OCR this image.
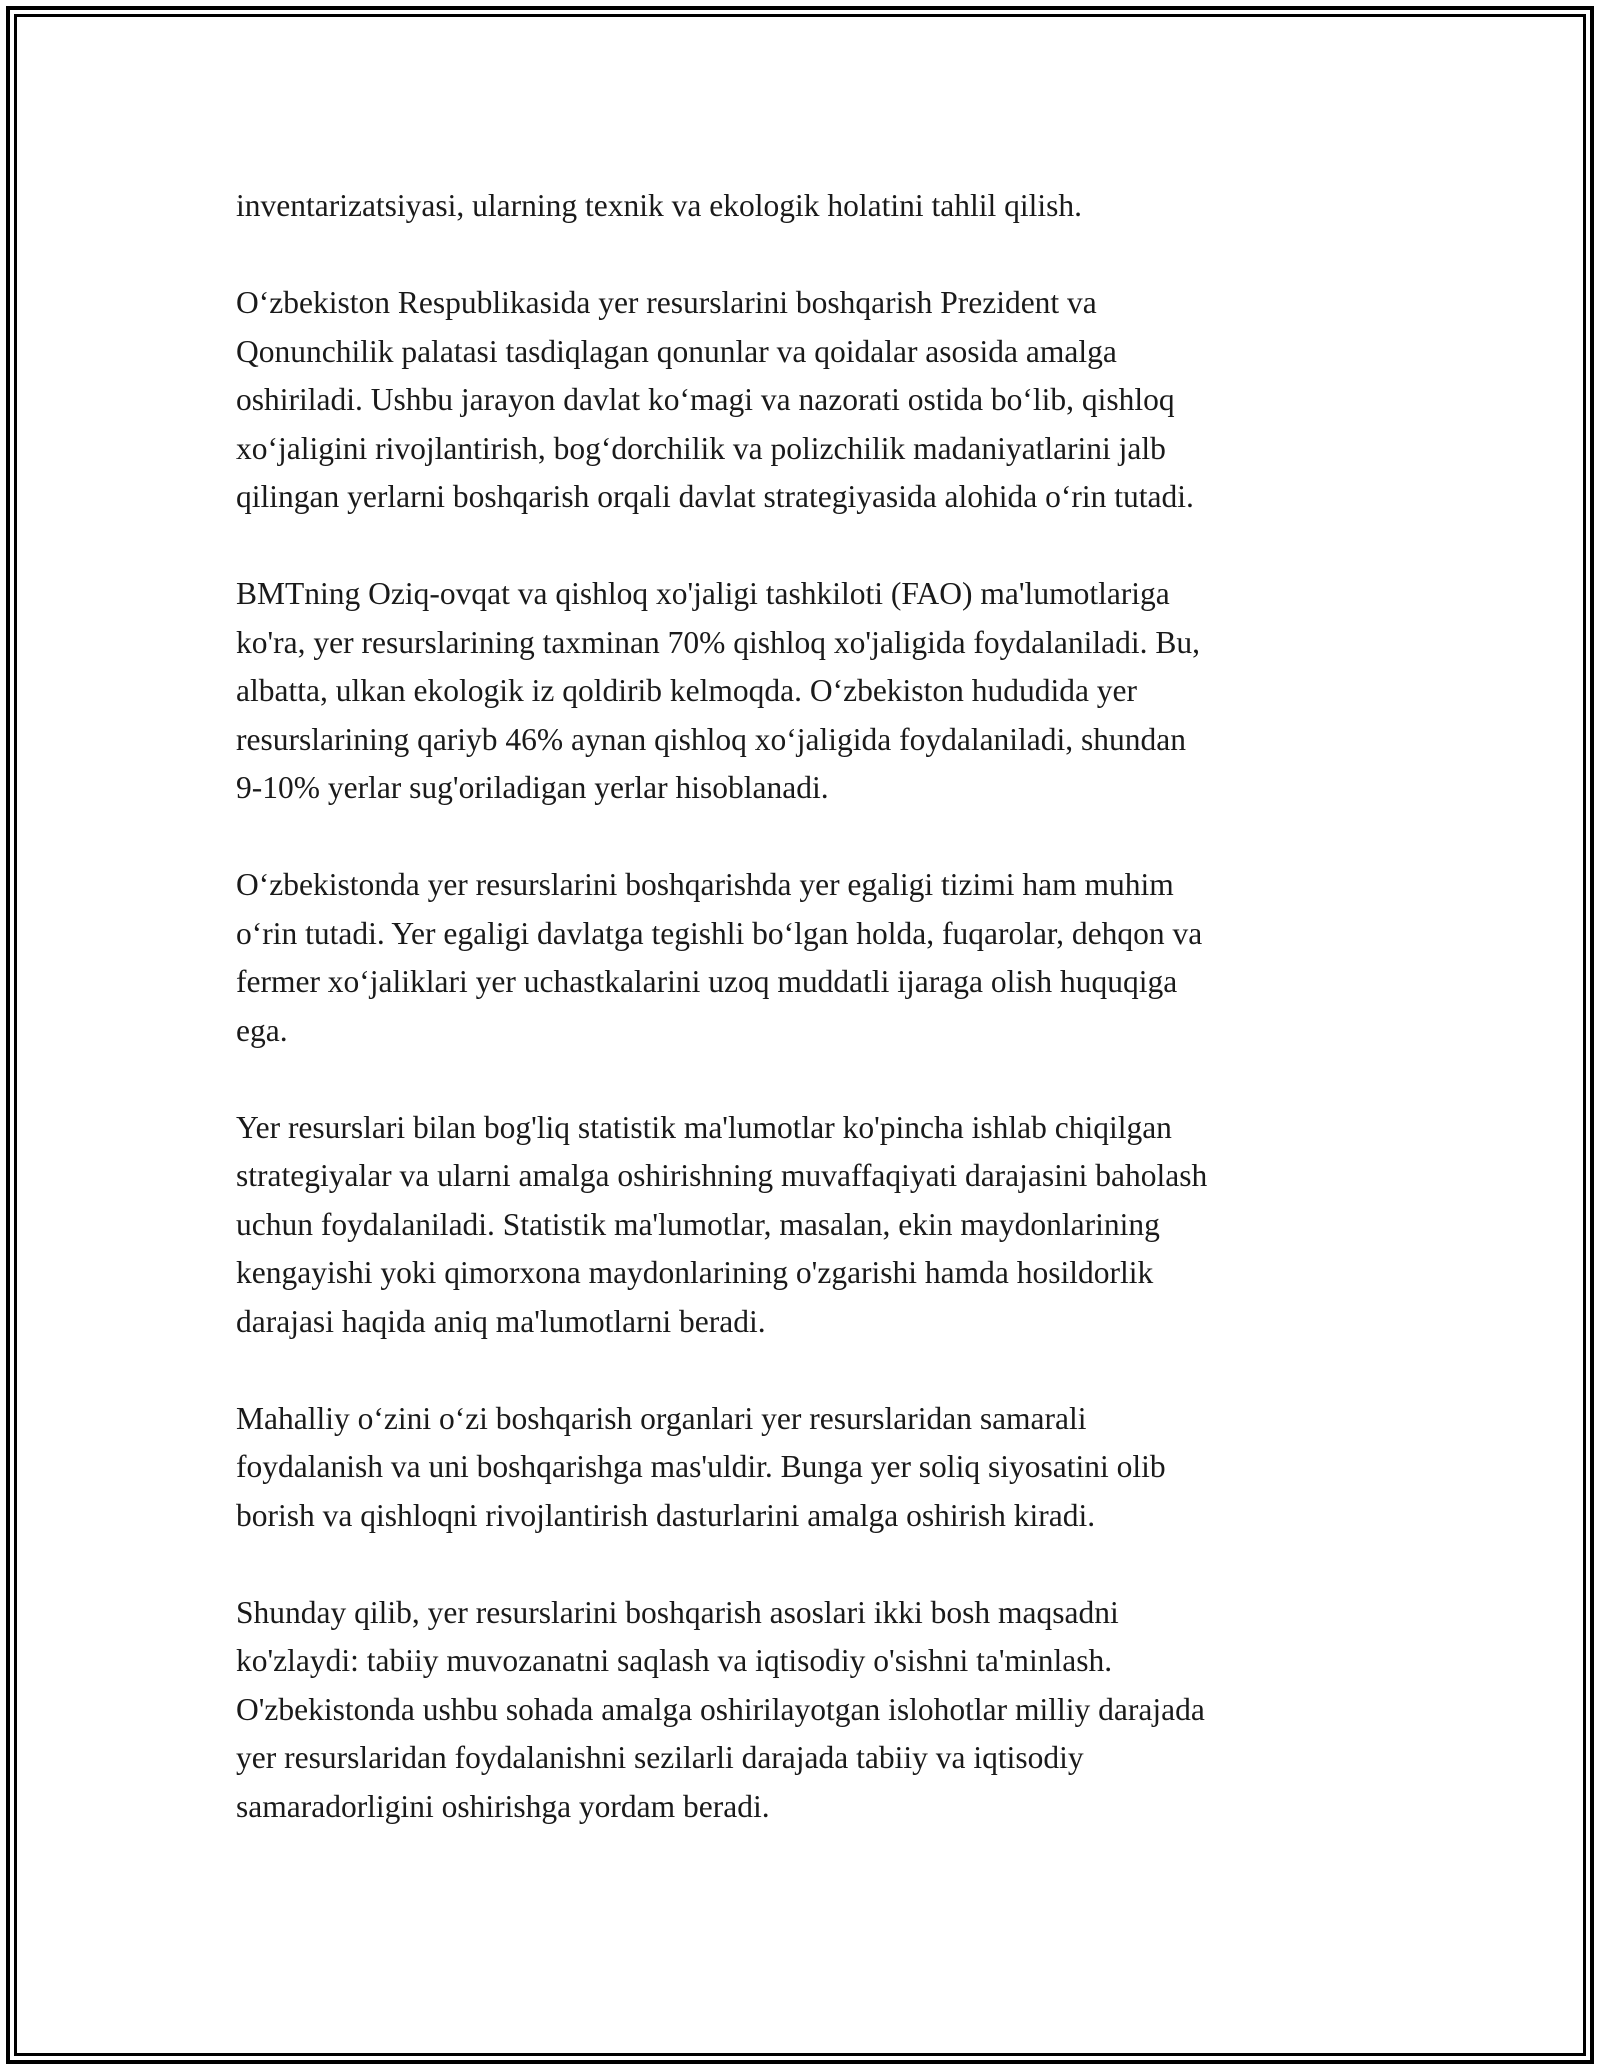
inventarizatsiyasi, ularning texnik va ekologik holatini tahlil qilish.

O‘zbekiston Respublikasida yer resurslarini boshqarish Prezident va
Qonunchilik palatasi tasdiqlagan qonunlar va qoidalar asosida amalga
oshiriladi. Ushbu jarayon davlat ko‘magi va nazorati ostida bo‘lib, qishloq
xo‘jaligini rivojlantirish, bog‘dorchilik va polizchilik madaniyatlarini jalb
qilingan yerlarni boshqarish orqali davlat strategiyasida alohida o‘rin tutadi.

BMTning Oziq-ovqat va qishloq xo'jaligi tashkiloti (FAO) ma'lumotlariga
ko'ra, yer resurslarining taxminan 70% qishloq xo'jaligida foydalaniladi. Bu,
albatta, ulkan ekologik iz qoldirib kelmoqda. O‘zbekiston hududida yer
resurslarining qariyb 46% aynan qishloq xo‘jaligida foydalaniladi, shundan
9-10% yerlar sug'oriladigan yerlar hisoblanadi.

O‘zbekistonda yer resurslarini boshqarishda yer egaligi tizimi ham muhim
o‘rin tutadi. Yer egaligi davlatga tegishli bo‘lgan holda, fuqarolar, dehqon va
fermer xo‘jaliklari yer uchastkalarini uzoq muddatli ijaraga olish huquqiga
ega.

Yer resurslari bilan bog'liq statistik ma'lumotlar ko'pincha ishlab chiqilgan
strategiyalar va ularni amalga oshirishning muvaffaqiyati darajasini baholash
uchun foydalaniladi. Statistik ma'lumotlar, masalan, ekin maydonlarining
kengayishi yoki qimorxona maydonlarining o'zgarishi hamda hosildorlik
darajasi haqida aniq ma'lumotlarni beradi.

Mahalliy o‘zini o‘zi boshqarish organlari yer resurslaridan samarali
foydalanish va uni boshqarishga mas'uldir. Bunga yer soliq siyosatini olib
borish va qishloqni rivojlantirish dasturlarini amalga oshirish kiradi.

Shunday qilib, yer resurslarini boshqarish asoslari ikki bosh maqsadni
ko'zlaydi: tabiiy muvozanatni saqlash va iqtisodiy o'sishni ta'minlash.
O'zbekistonda ushbu sohada amalga oshirilayotgan islohotlar milliy darajada
yer resurslaridan foydalanishni sezilarli darajada tabiiy va iqtisodiy
samaradorligini oshirishga yordam beradi.
